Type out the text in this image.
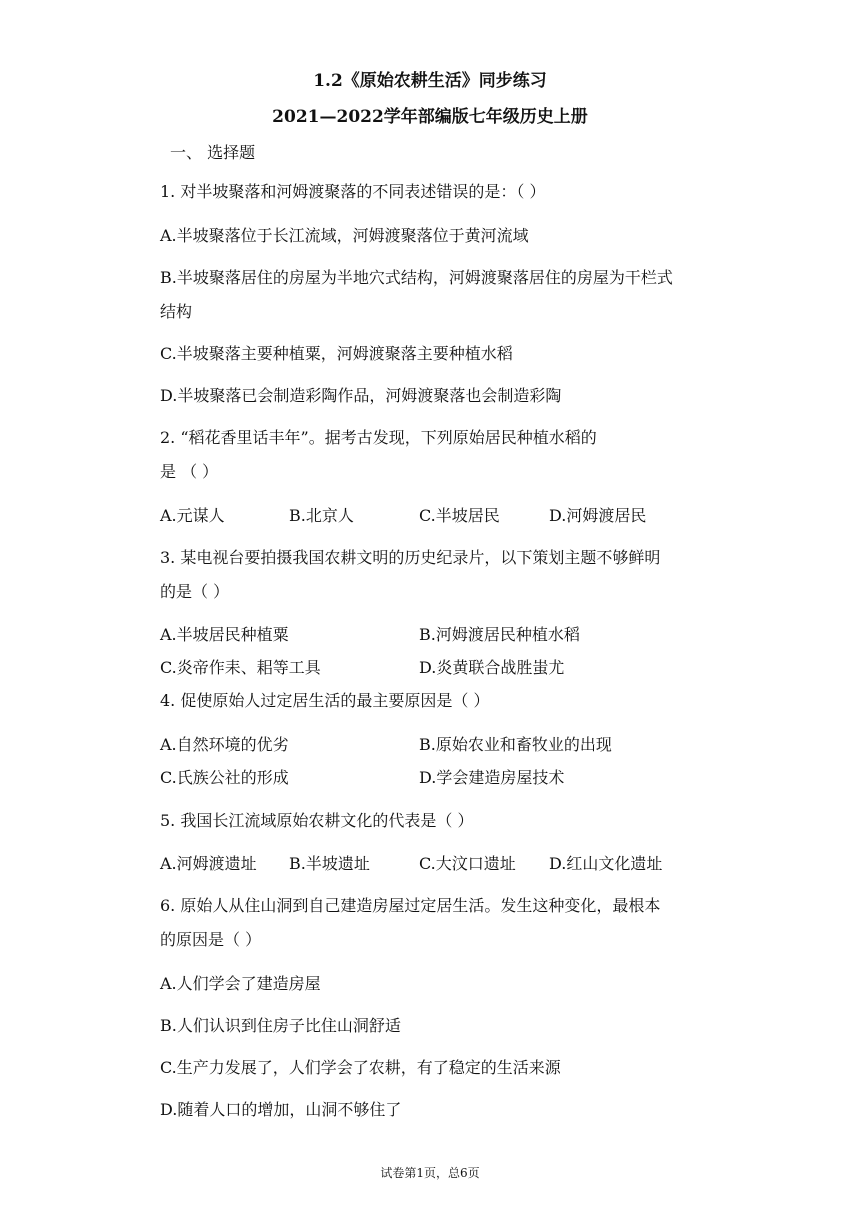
1.2《原始农耕生活》同步练习
2021—2022学年部编版七年级历史上册
一、 选择题
1. 对半坡聚落和河姆渡聚落的不同表述错误的是：（ ）
A.半坡聚落位于长江流域，河姆渡聚落位于黄河流域
B.半坡聚落居住的房屋为半地穴式结构，河姆渡聚落居住的房屋为干栏式
结构
C.半坡聚落主要种植粟，河姆渡聚落主要种植水稻
D.半坡聚落已会制造彩陶作品，河姆渡聚落也会制造彩陶
2. “稻花香里话丰年”。据考古发现，下列原始居民种植水稻的
是 （ ）
A.元谋人	B.北京人	C.半坡居民	D.河姆渡居民
3. 某电视台要拍摄我国农耕文明的历史纪录片，以下策划主题不够鲜明
的是（ ）
A.半坡居民种植粟	B.河姆渡居民种植水稻
C.炎帝作耒、耜等工具	D.炎黄联合战胜蚩尤
4. 促使原始人过定居生活的最主要原因是（ ）
A.自然环境的优劣	B.原始农业和畜牧业的出现
C.氏族公社的形成	D.学会建造房屋技术
5. 我国长江流域原始农耕文化的代表是（ ）
A.河姆渡遗址 B.半坡遗址	C.大汶口遗址 D.红山文化遗址
6. 原始人从住山洞到自己建造房屋过定居生活。发生这种变化，最根本
的原因是（ ）
A.人们学会了建造房屋
B.人们认识到住房子比住山洞舒适
C.生产力发展了，人们学会了农耕，有了稳定的生活来源
D.随着人口的增加，山洞不够住了
试卷第1页，总6页
